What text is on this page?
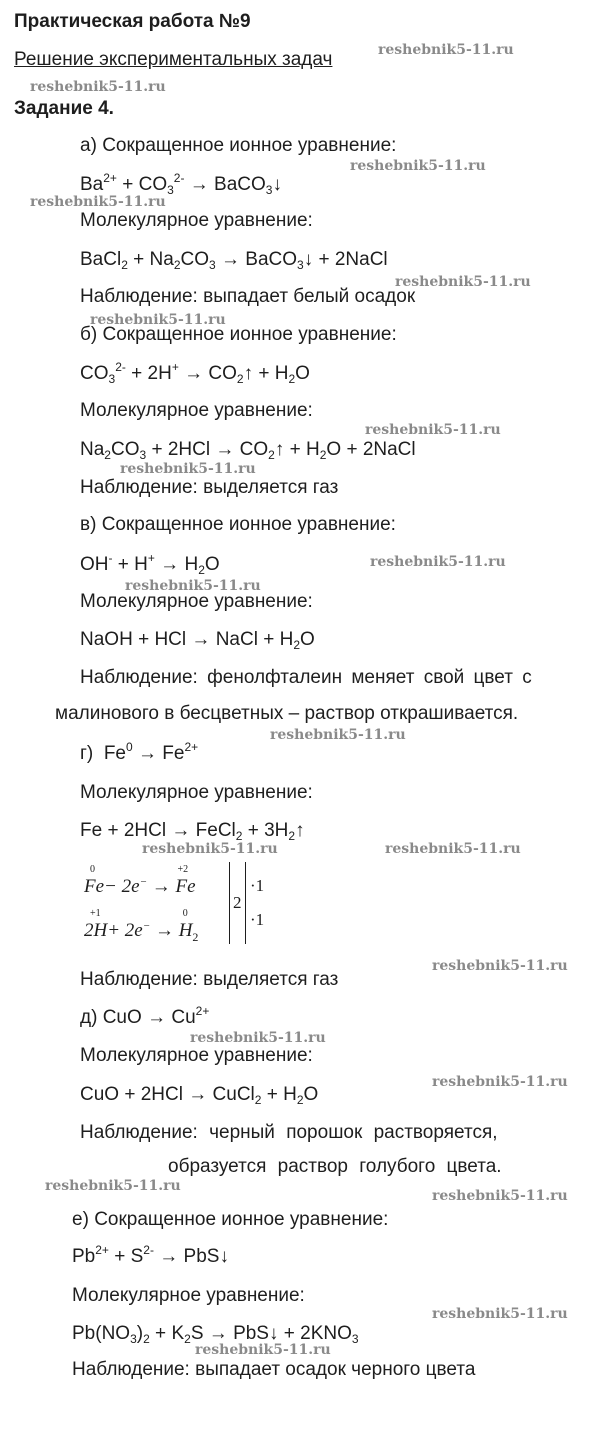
Практическая работа №9
Решение экспериментальных задач
Задание 4.
а) Сокращенное ионное уравнение:
$Ba^{2+} + CO_3^{2-}$ → BaCO$_3$↓
Молекулярное уравнение:
BaCl$_2$ + $Na_2CO_3$ → BaCO$_3$↓ + 2NaCl
Наблюдение: выпадает белый осадок
б) Сокращенное ионное уравнение:
$CO_3^{2-} + 2H^+$ → $CO_2↑ + H_2O$
Молекулярное уравнение:
$Na_2CO_3 + 2HCl$ → $CO_2↑ + H_2O$ + 2NaCl
Наблюдение: выделяется газ
в) Сокращенное ионное уравнение:
$OH^- + H^+ \to H_2O$
Молекулярное уравнение:
NaOH + HCl → NaCl + $H_2O$
Наблюдение: фенолфталеин меняет свой цвет с
малинового в бесцветных – раствор открашивается.
г) $Fe^0 \to Fe^{2+}$
Молекулярное уравнение:
Fe + 2HCl → FeCl$_2$ + $3H_2↑$
0
Fe− 2e− →
+2
Fe
+1
2H+ 2e− →
0
$H_2$
2
·1
·1
Наблюдение: выделяется газ
д) CuO → $Cu^{2+}$
Молекулярное уравнение:
CuO + 2HCl → CuCl$_2$ + $H_2O$
Наблюдение: черный порошок растворяется,
образуется раствор голубого цвета.
е) Сокращенное ионное уравнение:
$Pb^{2+} + S^{2-}$ → PbS↓
Молекулярное уравнение:
$Pb(NO_3)_2 + K_2S$ → PbS↓ + $2KNO_3$
Наблюдение: выпадает осадок черного цвета
reshebnik5-11.ru
reshebnik5-11.ru
reshebnik5-11.ru
reshebnik5-11.ru
reshebnik5-11.ru
reshebnik5-11.ru
reshebnik5-11.ru
reshebnik5-11.ru
reshebnik5-11.ru
reshebnik5-11.ru
reshebnik5-11.ru
reshebnik5-11.ru	reshebnik5-11.ru
reshebnik5-11.ru
reshebnik5-11.ru
reshebnik5-11.ru
reshebnik5-11.ru
reshebnik5-11.ru
reshebnik5-11.ru
reshebnik5-11.ru
